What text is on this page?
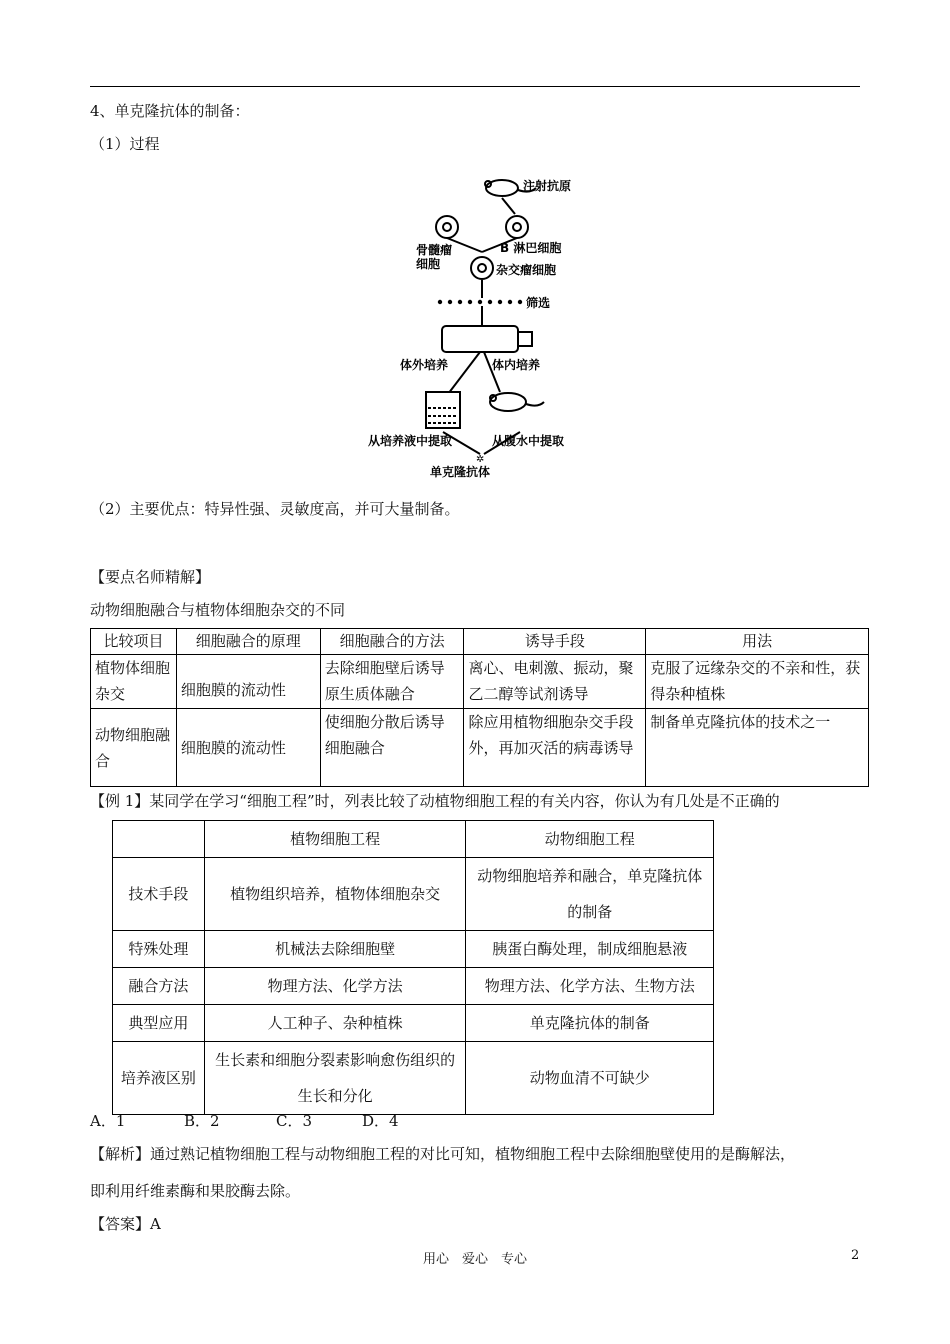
4、单克隆抗体的制备：
（1）过程
✲
注射抗原
骨髓瘤 细胞
B 淋巴细胞
杂交瘤细胞
筛选
体外培养	体内培养
从培养液中提取	从腹水中提取
单克隆抗体
（2）主要优点：特异性强、灵敏度高，并可大量制备。
【要点名师精解】
动物细胞融合与植物体细胞杂交的不同
比较项目	细胞融合的原理	细胞融合的方法	诱导手段	用法
植物体细胞杂交	细胞膜的流动性	去除细胞壁后诱导原生质体融合	离心、电刺激、振动，聚乙二醇等试剂诱导	克服了远缘杂交的不亲和性，获得杂种植株
动物细胞融合	细胞膜的流动性	使细胞分散后诱导细胞融合	除应用植物细胞杂交手段外，再加灭活的病毒诱导	制备单克隆抗体的技术之一
【例 1】某同学在学习“细胞工程”时，列表比较了动植物细胞工程的有关内容，你认为有几处是不正确的
	植物细胞工程	动物细胞工程
技术手段	植物组织培养，植物体细胞杂交	动物细胞培养和融合，单克隆抗体的制备
特殊处理	机械法去除细胞壁	胰蛋白酶处理，制成细胞悬液
融合方法	物理方法、化学方法	物理方法、化学方法、生物方法
典型应用	人工种子、杂种植株	单克隆抗体的制备
培养液区别	生长素和细胞分裂素影响愈伤组织的生长和分化	动物血清不可缺少
A．1	B．2	C．3	D．4
【解析】通过熟记植物细胞工程与动物细胞工程的对比可知，植物细胞工程中去除细胞壁使用的是酶解法，
即利用纤维素酶和果胶酶去除。
【答案】A
用心　爱心　专心	2
